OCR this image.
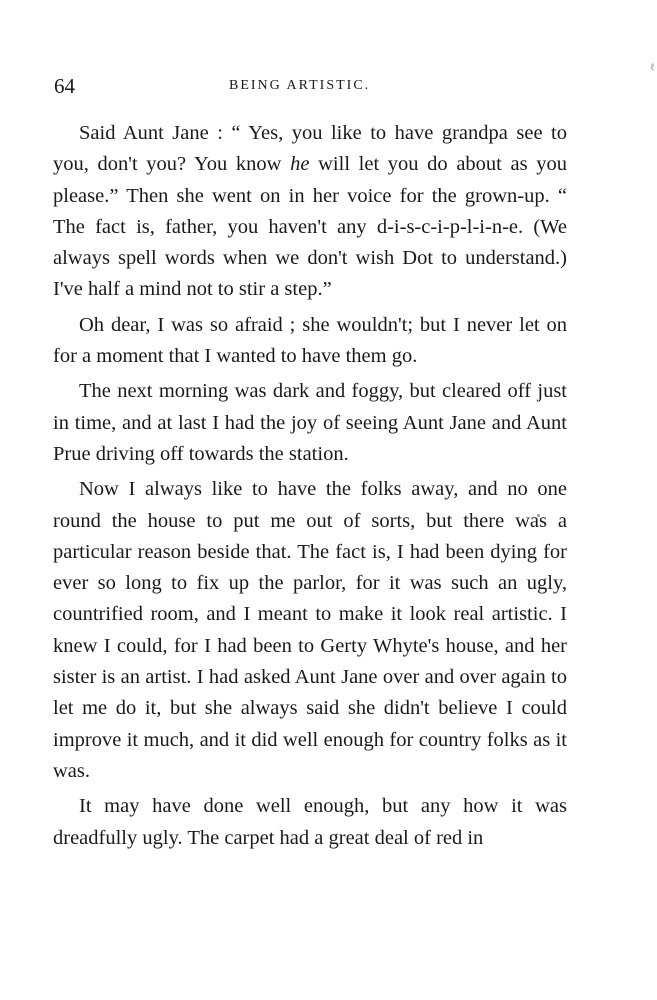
64	BEING ARTISTIC.
ℓ

Said Aunt Jane : “ Yes, you like to have grandpa see to you, don't you? You know he will let you do about as you please.” Then she went on in her voice for the grown-up. “ The fact is, father, you haven't any d-i-s-c-i-p-l-i-n-e. (We always spell words when we don't wish Dot to understand.) I've half a mind not to stir a step.”

Oh dear, I was so afraid ; she wouldn't; but I never let on for a moment that I wanted to have them go.

The next morning was dark and foggy, but cleared off just in time, and at last I had the joy of seeing Aunt Jane and Aunt Prue driving off towards the station.

Now I always like to have the folks away, and no one round the house to put me out of sorts, but there was a particular reason beside that. The fact is, I had been dying for ever so long to fix up the parlor, for it was such an ugly, countrified room, and I meant to make it look real artistic. I knew I could, for I had been to Gerty Whyte's house, and her sister is an artist. I had asked Aunt Jane over and over again to let me do it, but she always said she didn't believe I could improve it much, and it did well enough for country folks as it was.

It may have done well enough, but any how it was dreadfully ugly. The carpet had a great deal of red in
